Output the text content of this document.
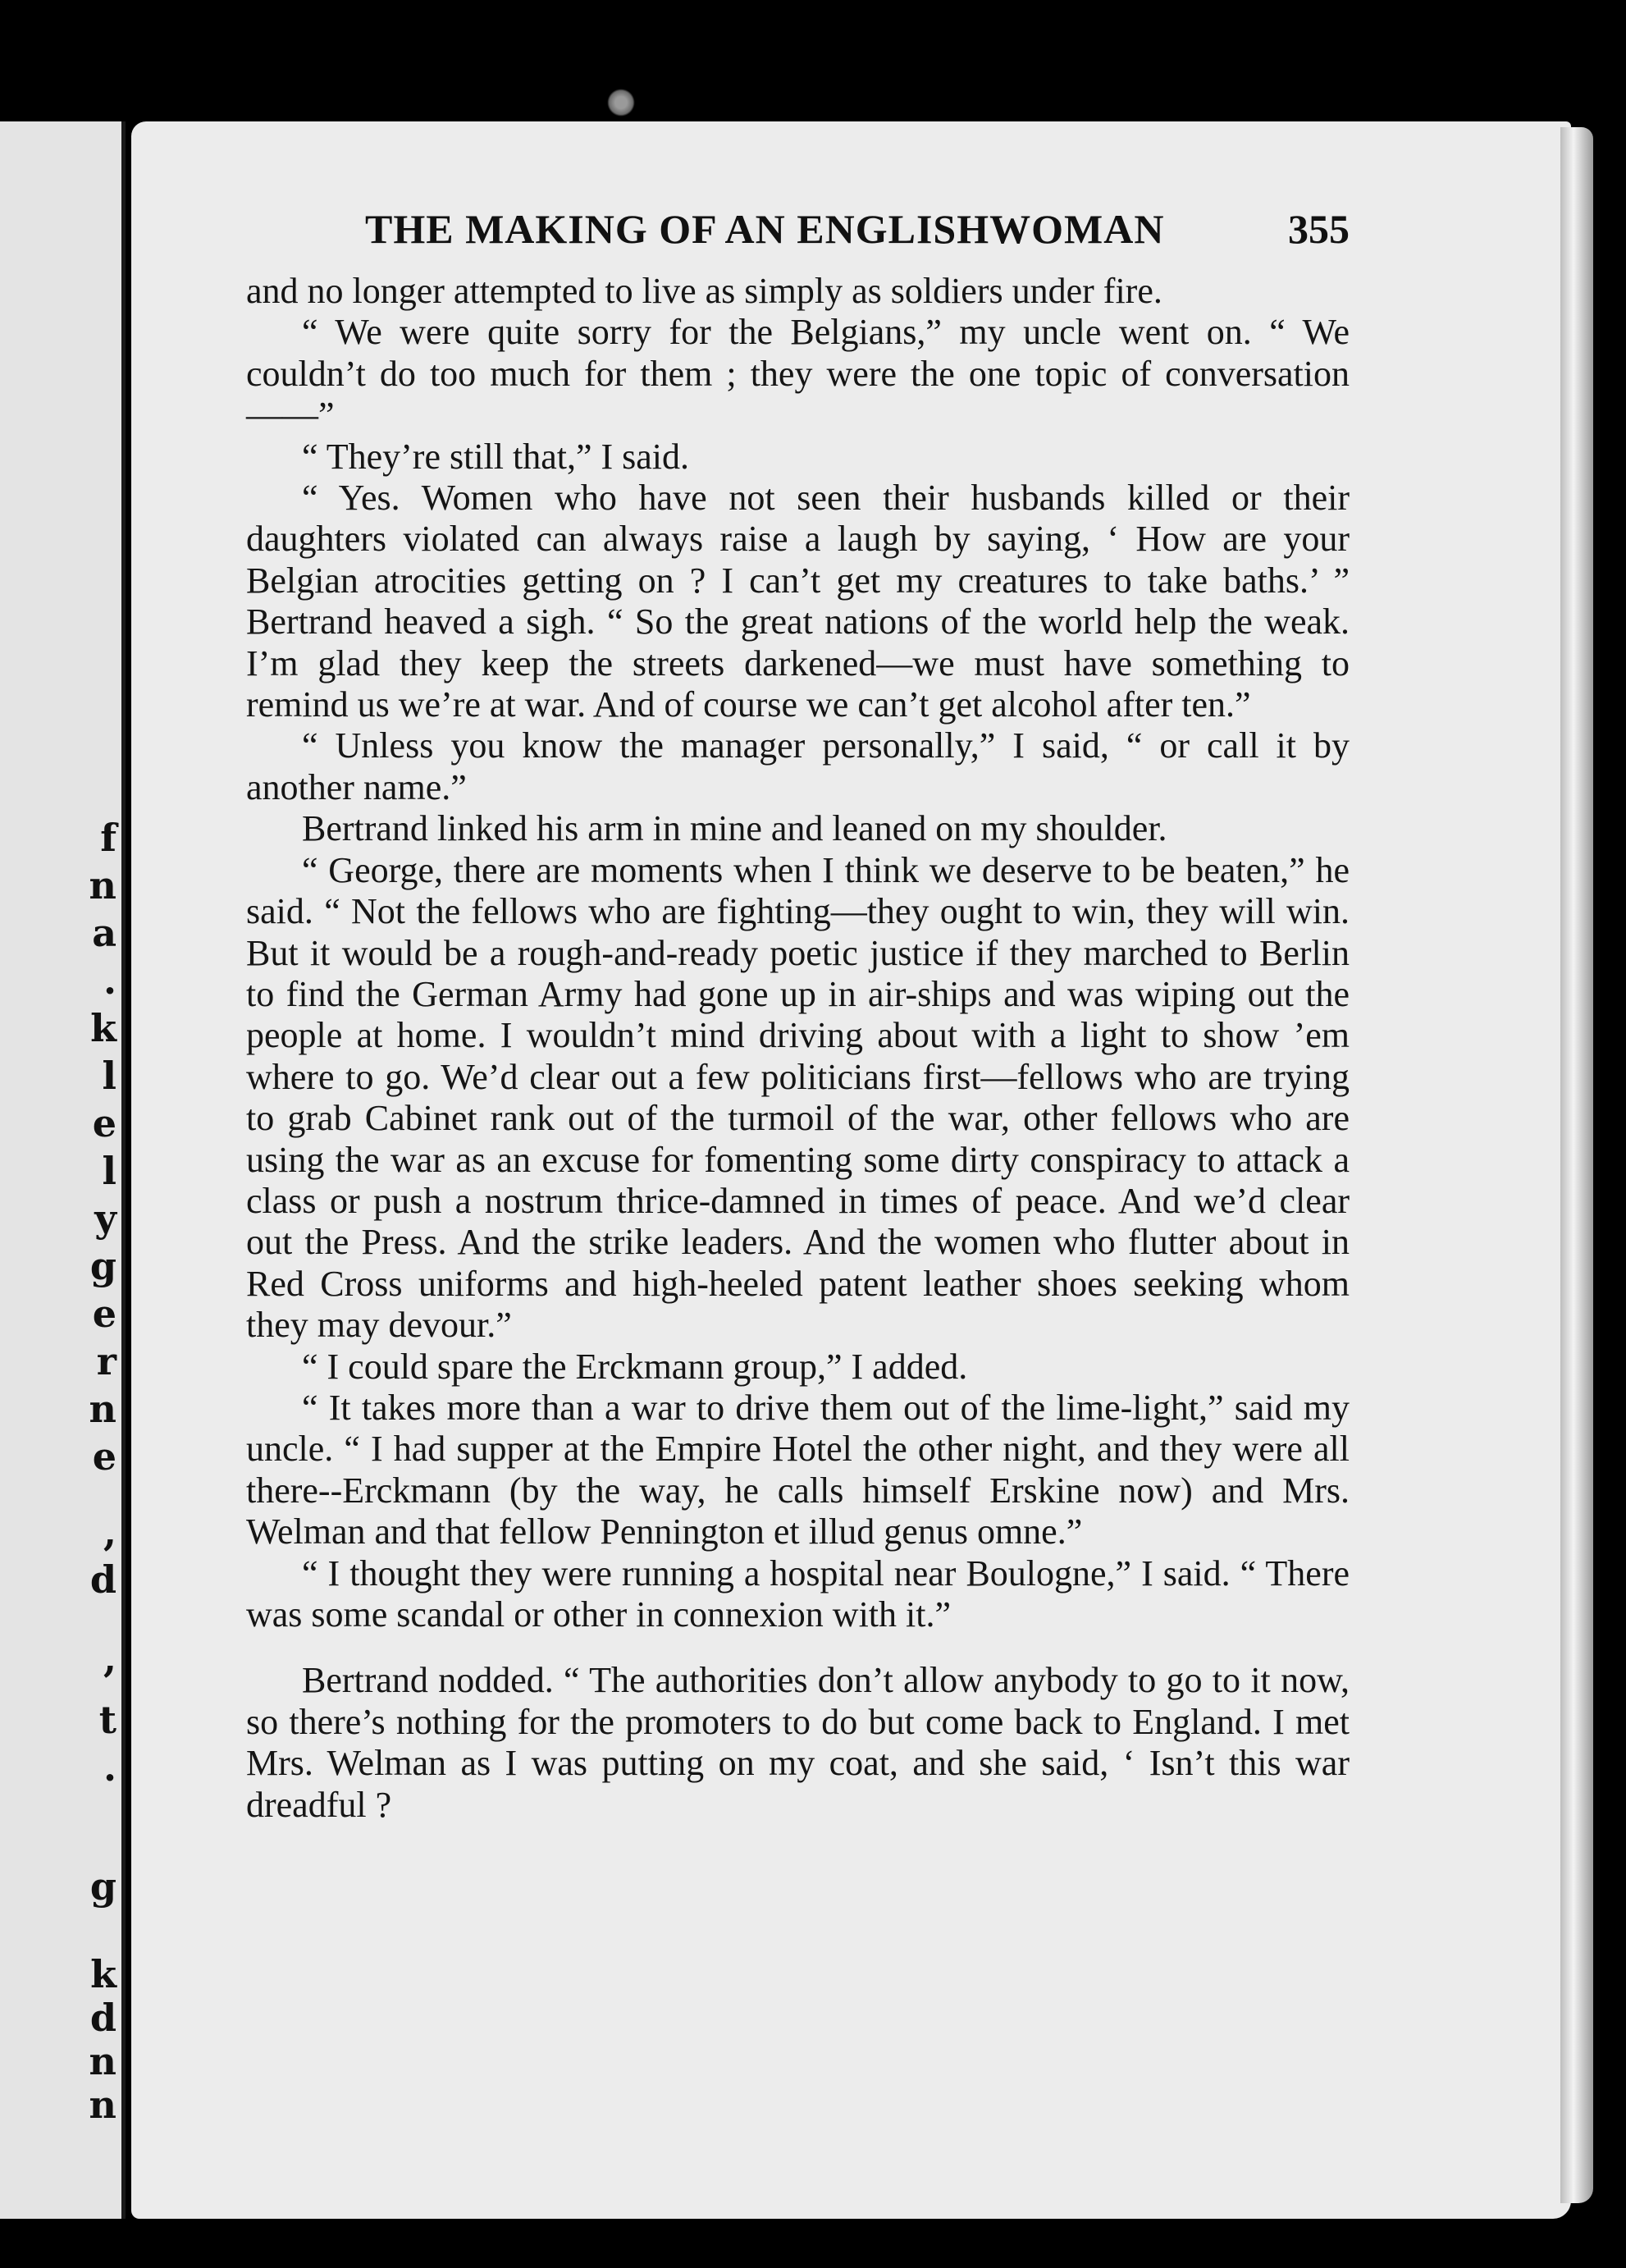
f
n
a
.
k
l
e
l
y
g
e
r
n
e
,
d
,
t
.
g
k
d
n
n
THE MAKING OF AN ENGLISHWOMAN	355

and no longer attempted to live as simply as soldiers under fire.

“ We were quite sorry for the Belgians,” my uncle went on. “ We couldn’t do too much for them ; they were the one topic of conversation——”

“ They’re still that,” I said.

“ Yes. Women who have not seen their husbands killed or their daughters violated can always raise a laugh by saying, ‘ How are your Belgian atrocities getting on ? I can’t get my creatures to take baths.’ ” Bertrand heaved a sigh. “ So the great nations of the world help the weak. I’m glad they keep the streets darkened—we must have something to remind us we’re at war. And of course we can’t get alcohol after ten.”

“ Unless you know the manager personally,” I said, “ or call it by another name.”

Bertrand linked his arm in mine and leaned on my shoulder.

“ George, there are moments when I think we deserve to be beaten,” he said. “ Not the fellows who are fighting—they ought to win, they will win. But it would be a rough-and-ready poetic justice if they marched to Berlin to find the German Army had gone up in air-ships and was wiping out the people at home. I wouldn’t mind driving about with a light to show ’em where to go. We’d clear out a few politicians first—fellows who are trying to grab Cabinet rank out of the turmoil of the war, other fellows who are using the war as an excuse for fomenting some dirty conspiracy to attack a class or push a nostrum thrice-damned in times of peace. And we’d clear out the Press. And the strike leaders. And the women who flutter about in Red Cross uniforms and high-heeled patent leather shoes seeking whom they may devour.”

“ I could spare the Erckmann group,” I added.

“ It takes more than a war to drive them out of the lime-light,” said my uncle. “ I had supper at the Empire Hotel the other night, and they were all there--Erckmann (by the way, he calls himself Erskine now) and Mrs. Welman and that fellow Pennington et illud genus omne.”

“ I thought they were running a hospital near Boulogne,” I said. “ There was some scandal or other in connexion with it.”

Bertrand nodded. “ The authorities don’t allow anybody to go to it now, so there’s nothing for the promoters to do but come back to England. I met Mrs. Welman as I was putting on my coat, and she said, ‘ Isn’t this war dreadful ?
